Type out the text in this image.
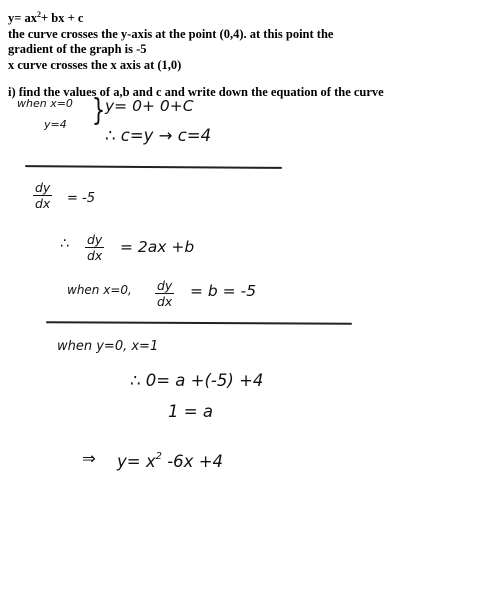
$y= ax^2+$ bx + c
the curve crosses the y-axis at the point (0,4). at this point the
gradient of the graph is -5
x curve crosses the x axis at (1,0)
i) find the values of a,b and c and write down the equation of the curve
when x=0 } y= 0+ 0+C
y=4
∴ c=y → c=4
$\frac{dy}{dx} = -5$
∴ $\frac{dy}{dx} = 2ax +b$
when x=0, $\frac{dy}{dx} = b = -5$
when y=0, x=1
∴ 0= a +(-5) +4
1 = a
⇒ $y= x^2$ -6x +4
